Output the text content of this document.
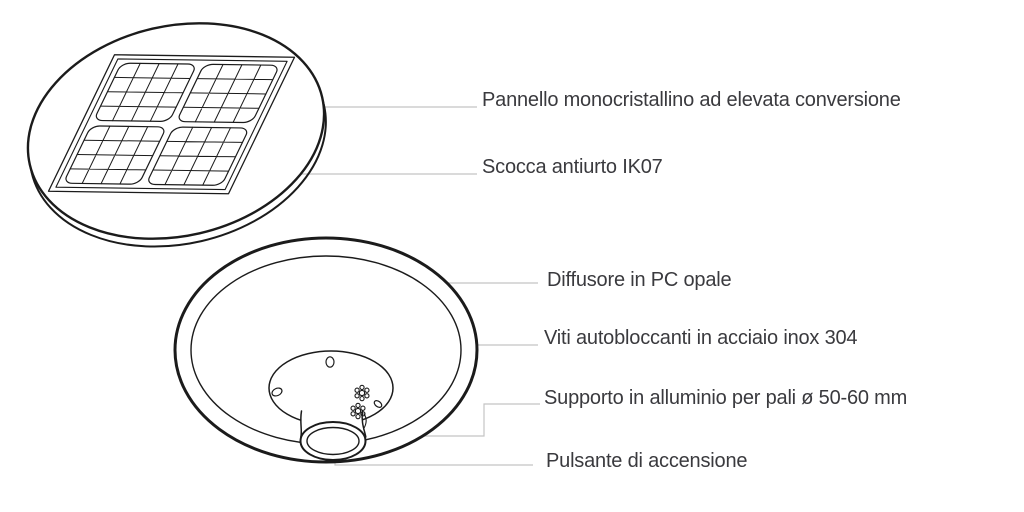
Pannello monocristallino ad elevata conversione
Scocca antiurto IK07
Diffusore in PC opale
Viti autobloccanti in acciaio inox 304
Supporto in alluminio per pali ø 50-60 mm
Pulsante di accensione
